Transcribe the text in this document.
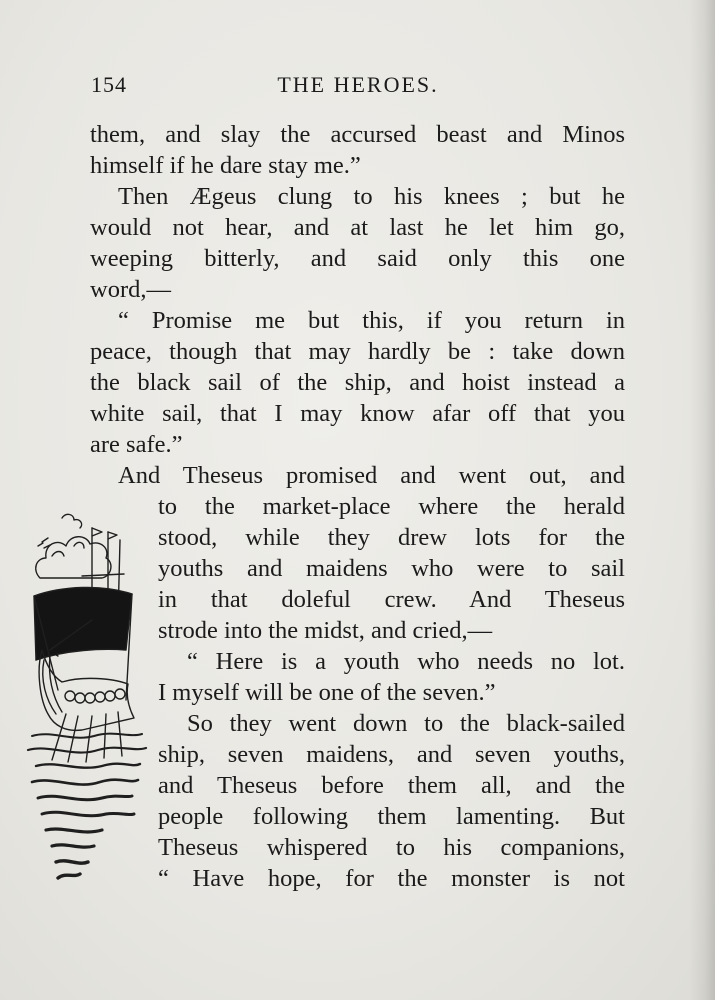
154	THE HEROES.
them, and slay the accursed beast and Minos
himself if he dare stay me.”
Then Ægeus clung to his knees ; but he
would not hear, and at last he let him go,
weeping bitterly, and said only this one
word,—
“ Promise me but this, if you return in
peace, though that may hardly be : take down
the black sail of the ship, and hoist instead a
white sail, that I may know afar off that you
are safe.”
And Theseus promised and went out, and
to the market-place where the herald
stood, while they drew lots for the
youths and maidens who were to sail
in that doleful crew. And Theseus
strode into the midst, and cried,—
“ Here is a youth who needs no lot.
I myself will be one of the seven.”
So they went down to the black-sailed
ship, seven maidens, and seven youths,
and Theseus before them all, and the
people following them lamenting. But
Theseus whispered to his companions,
“ Have hope, for the monster is not
